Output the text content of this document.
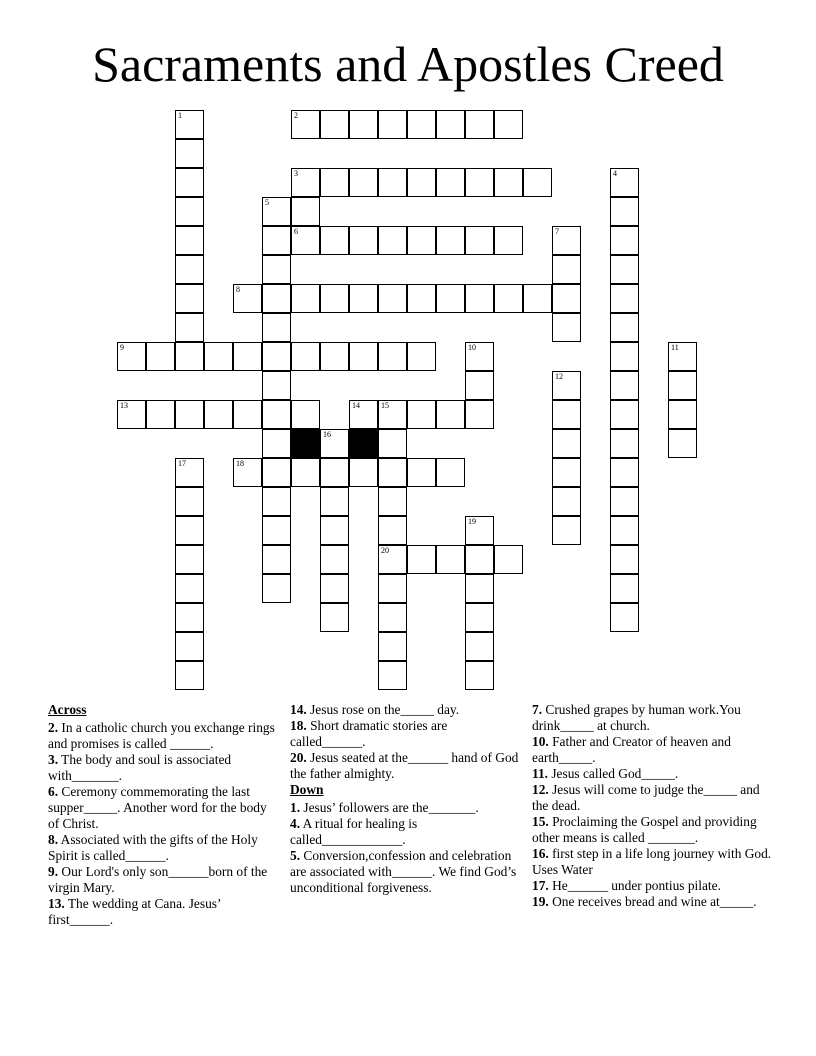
Sacraments and Apostles Creed
1	2
3	4
5
6	7
8
9	10	11
12
13	14	15
16
17	18
19
20
Across
2. In a catholic church you exchange rings and promises is called ______.
3. The body and soul is associated with_______.
6. Ceremony commemorating the last supper_____. Another word for the body of Christ.
8. Associated with the gifts of the Holy Spirit is called______.
9. Our Lord's only son______born of the virgin Mary.
13. The wedding at Cana. Jesus’ first______.
14. Jesus rose on the_____ day.
18. Short dramatic stories are called______.
20. Jesus seated at the______ hand of God the father almighty.
Down
1. Jesus’ followers are the_______.
4. A ritual for healing is called____________.
5. Conversion,confession and celebration are associated with______. We find God’s unconditional forgiveness.
7. Crushed grapes by human work.You drink_____ at church.
10. Father and Creator of heaven and earth_____.
11. Jesus called God_____.
12. Jesus will come to judge the_____ and the dead.
15. Proclaiming the Gospel and providing other means is called _______.
16. first step in a life long journey with God. Uses Water
17. He______ under pontius pilate.
19. One receives bread and wine at_____.
